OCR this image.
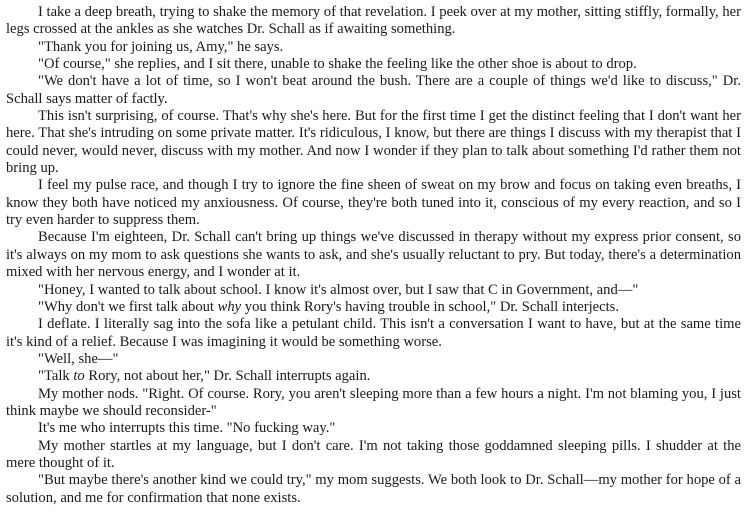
I take a deep breath, trying to shake the memory of that revelation. I peek over at my mother, sitting stiffly, formally, her legs crossed at the ankles as she watches Dr. Schall as if awaiting something.

"Thank you for joining us, Amy," he says.

"Of course," she replies, and I sit there, unable to shake the feeling like the other shoe is about to drop.

"We don't have a lot of time, so I won't beat around the bush. There are a couple of things we'd like to discuss," Dr. Schall says matter of factly.

This isn't surprising, of course. That's why she's here. But for the first time I get the distinct feeling that I don't want her here. That she's intruding on some private matter. It's ridiculous, I know, but there are things I discuss with my therapist that I could never, would never, discuss with my mother. And now I wonder if they plan to talk about something I'd rather them not bring up.

I feel my pulse race, and though I try to ignore the fine sheen of sweat on my brow and focus on taking even breaths, I know they both have noticed my anxiousness. Of course, they're both tuned into it, conscious of my every reaction, and so I try even harder to suppress them.

Because I'm eighteen, Dr. Schall can't bring up things we've discussed in therapy without my express prior consent, so it's always on my mom to ask questions she wants to ask, and she's usually reluctant to pry. But today, there's a determination mixed with her nervous energy, and I wonder at it.

"Honey, I wanted to talk about school. I know it's almost over, but I saw that C in Government, and—"

"Why don't we first talk about why you think Rory's having trouble in school," Dr. Schall interjects.

I deflate. I literally sag into the sofa like a petulant child. This isn't a conversation I want to have, but at the same time it's kind of a relief. Because I was imagining it would be something worse.

"Well, she—"

"Talk to Rory, not about her," Dr. Schall interrupts again.

My mother nods. "Right. Of course. Rory, you aren't sleeping more than a few hours a night. I'm not blaming you, I just think maybe we should reconsider-"

It's me who interrupts this time. "No fucking way."

My mother startles at my language, but I don't care. I'm not taking those goddamned sleeping pills. I shudder at the mere thought of it.

"But maybe there's another kind we could try," my mom suggests. We both look to Dr. Schall—my mother for hope of a solution, and me for confirmation that none exists.
